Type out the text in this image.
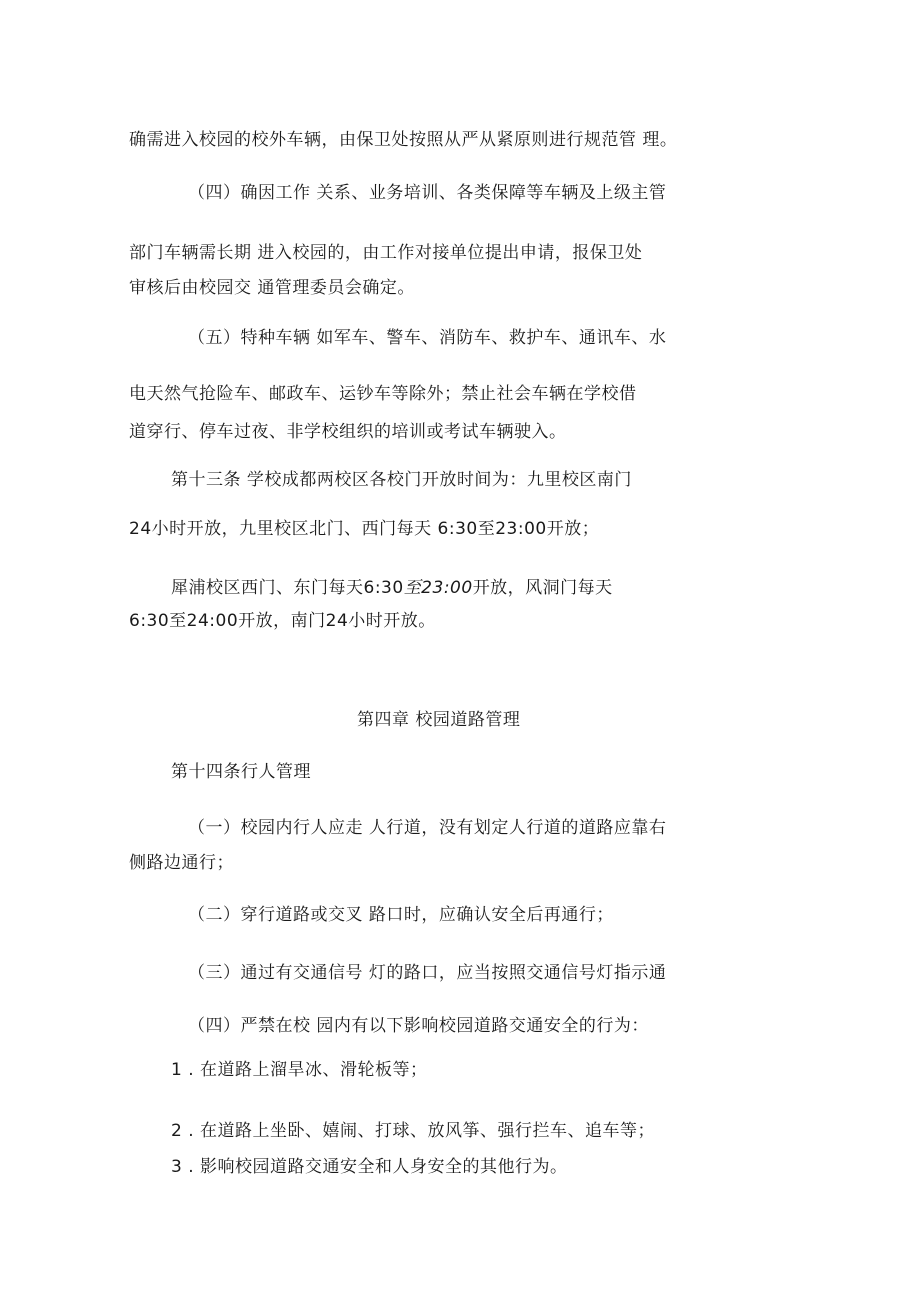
确需进入校园的校外车辆，由保卫处按照从严从紧原则进行规范管 理。

（四）确因工作 关系、业务培训、各类保障等车辆及上级主管

部门车辆需长期 进入校园的，由工作对接单位提出申请，报保卫处

审核后由校园交 通管理委员会确定。

（五）特种车辆 如军车、警车、消防车、救护车、通讯车、水

电天然气抢险车、邮政车、运钞车等除外；禁止社会车辆在学校借

道穿行、停车过夜、非学校组织的培训或考试车辆驶入。

第十三条 学校成都两校区各校门开放时间为：九里校区南门

24小时开放，九里校区北门、西门每天 6:30至23:00开放；

犀浦校区西门、东门每天6:30至23:00开放，风洞门每天

6:30至24:00开放，南门24小时开放。

第四章 校园道路管理

第十四条行人管理

（一）校园内行人应走 人行道，没有划定人行道的道路应靠右

侧路边通行；

（二）穿行道路或交叉 路口时，应确认安全后再通行；

（三）通过有交通信号 灯的路口，应当按照交通信号灯指示通

（四）严禁在校 园内有以下影响校园道路交通安全的行为：

1 . 在道路上溜旱冰、滑轮板等；

2 . 在道路上坐卧、嬉闹、打球、放风筝、强行拦车、追车等；

3 . 影响校园道路交通安全和人身安全的其他行为。
